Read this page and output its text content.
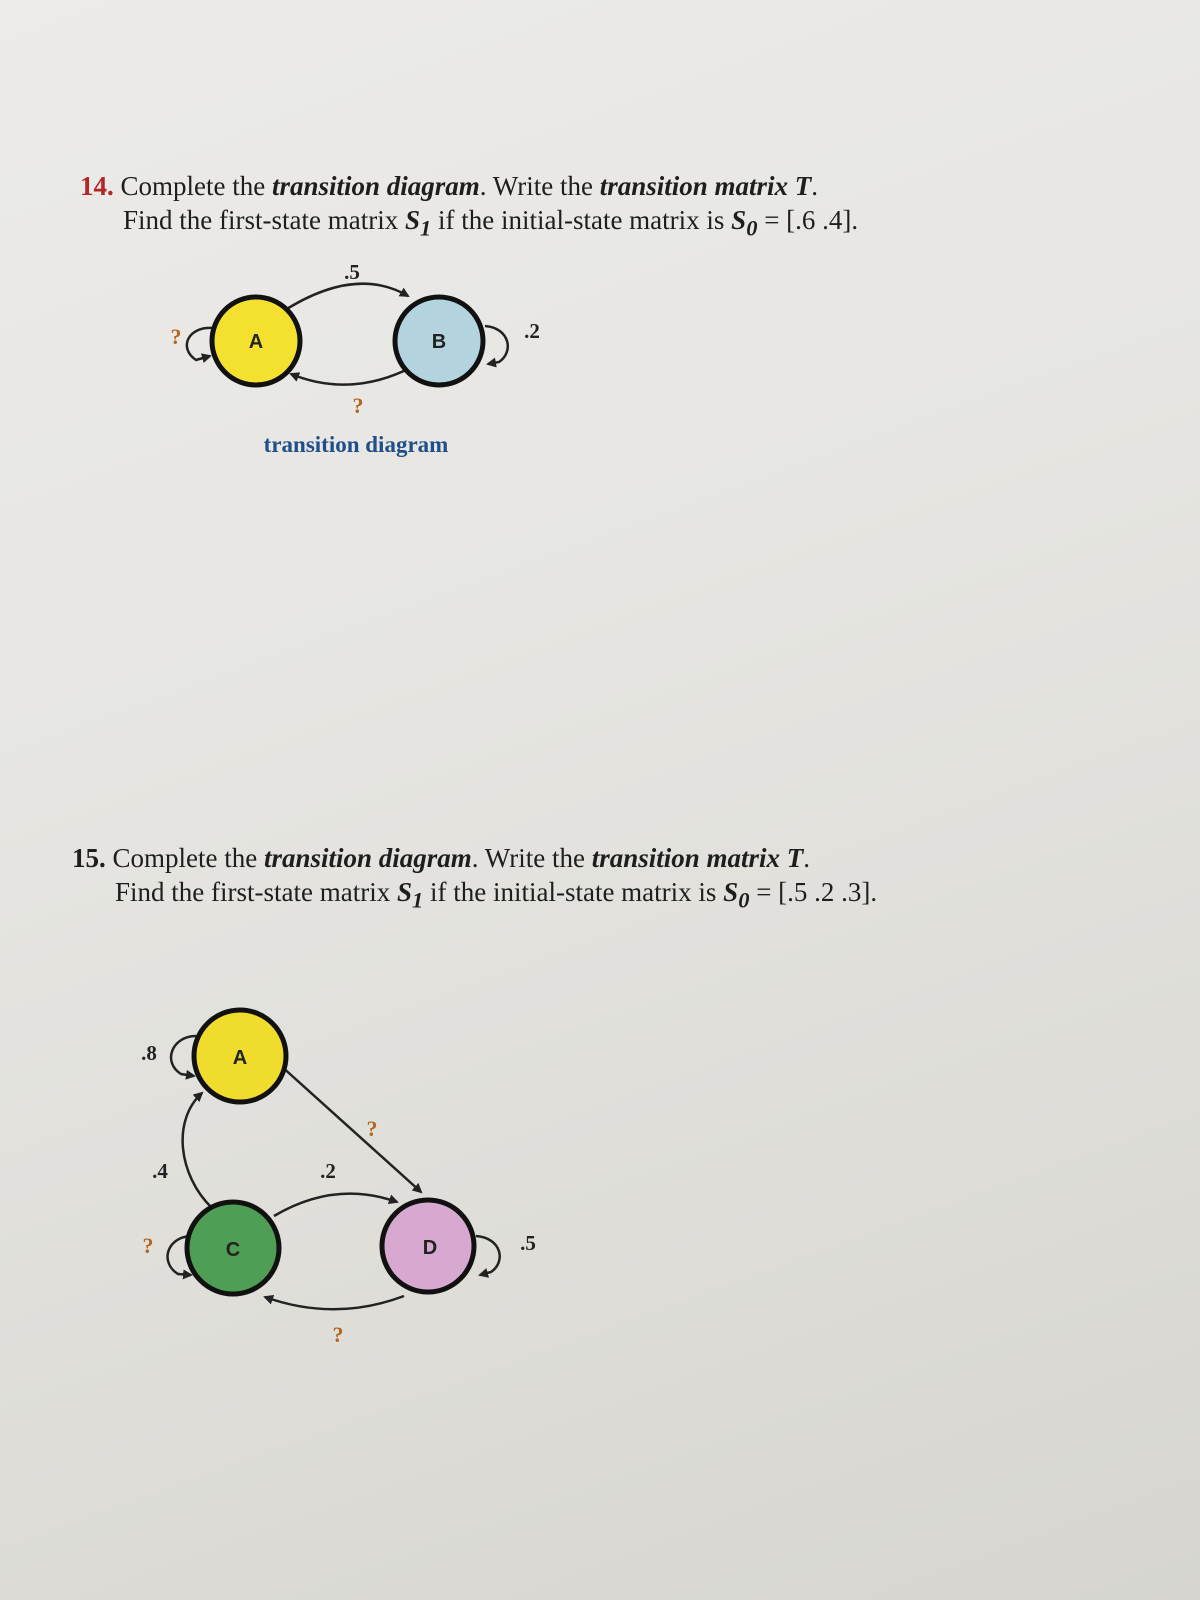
14. Complete the transition diagram. Write the transition matrix T.
Find the first-state matrix $S_1$ if the initial-state matrix is $S_0 = [.6$ .4].
15. Complete the transition diagram. Write the transition matrix T.
Find the first-state matrix $S_1$ if the initial-state matrix is $S_0 = [.5$ .2 .3].
A	B
.5
?
?	.2
transition diagram
A
C	D
.8
?
.4	.2
?
?	.5
